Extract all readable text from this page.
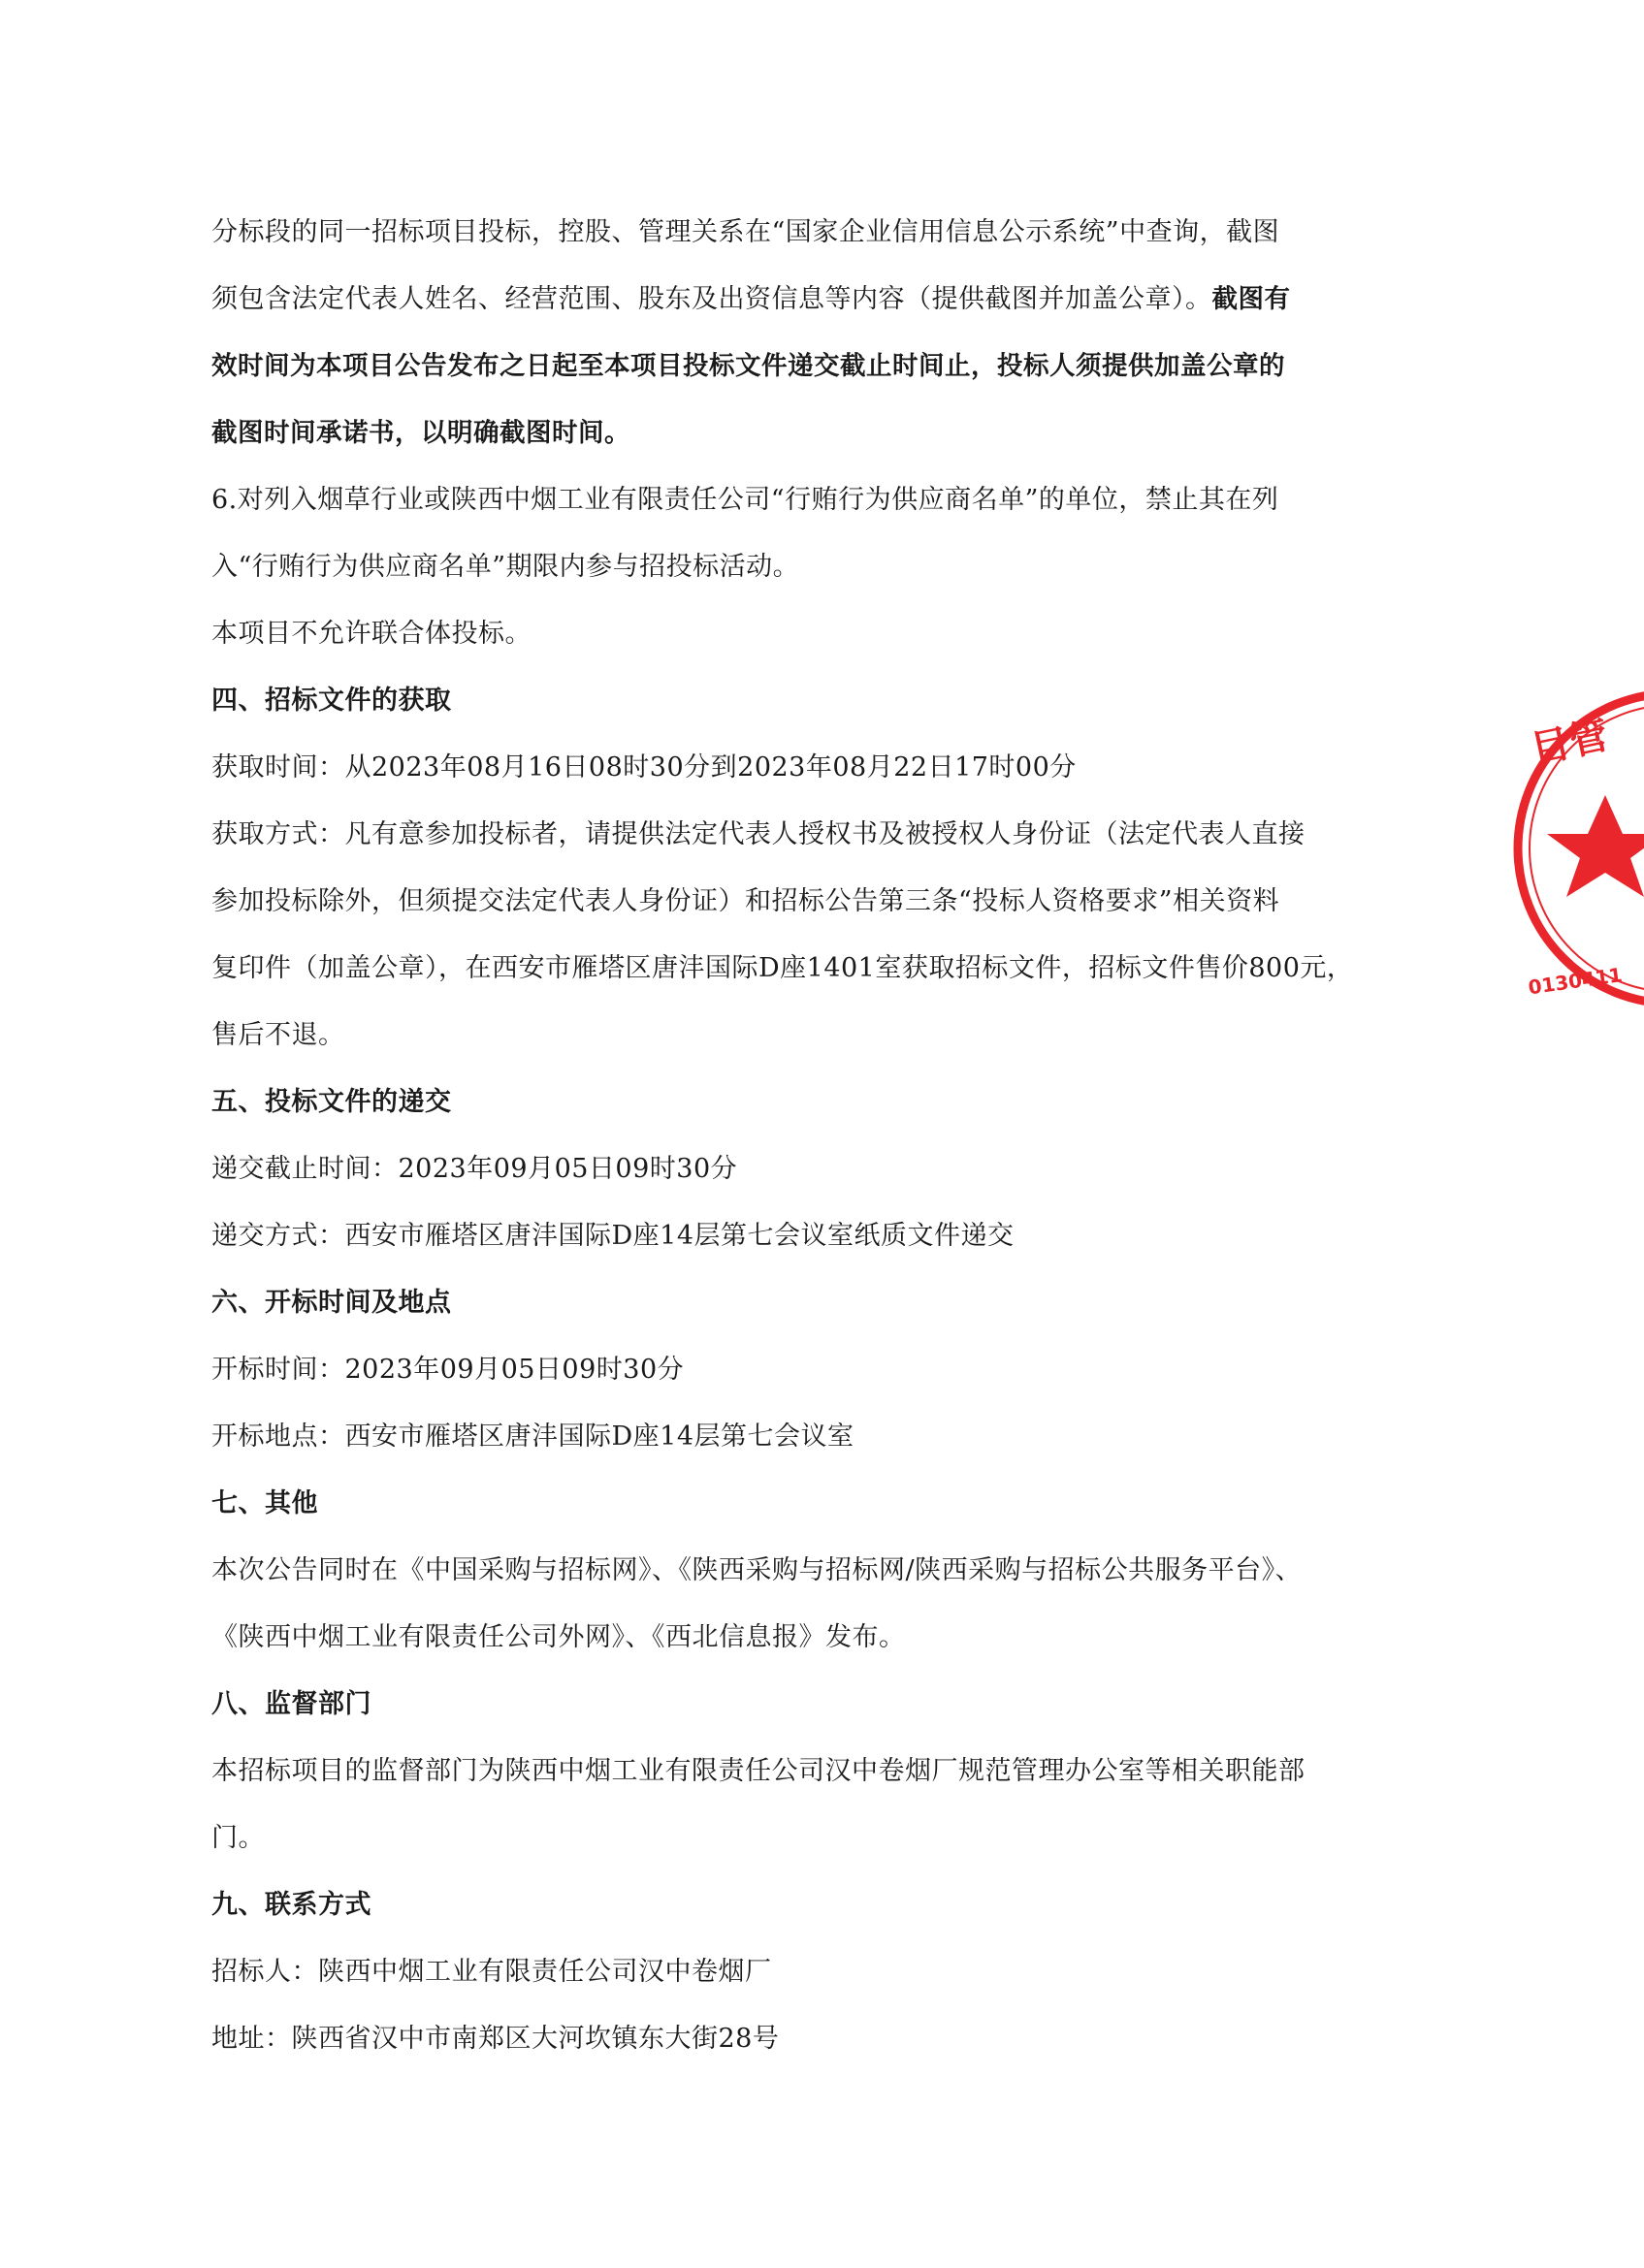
分标段的同一招标项目投标，控股、管理关系在“国家企业信用信息公示系统”中查询，截图
须包含法定代表人姓名、经营范围、股东及出资信息等内容（提供截图并加盖公章）。截图有
效时间为本项目公告发布之日起至本项目投标文件递交截止时间止，投标人须提供加盖公章的
截图时间承诺书，以明确截图时间。
6.对列入烟草行业或陕西中烟工业有限责任公司“行贿行为供应商名单”的单位，禁止其在列
入“行贿行为供应商名单”期限内参与招投标活动。
本项目不允许联合体投标。
四、招标文件的获取
获取时间：从2023年08月16日08时30分到2023年08月22日17时00分
获取方式：凡有意参加投标者，请提供法定代表人授权书及被授权人身份证（法定代表人直接
参加投标除外，但须提交法定代表人身份证）和招标公告第三条“投标人资格要求”相关资料
复印件（加盖公章），在西安市雁塔区唐沣国际D座1401室获取招标文件，招标文件售价800元，
售后不退。
五、投标文件的递交
递交截止时间：2023年09月05日09时30分
递交方式：西安市雁塔区唐沣国际D座14层第七会议室纸质文件递交
六、开标时间及地点
开标时间：2023年09月05日09时30分
开标地点：西安市雁塔区唐沣国际D座14层第七会议室
七、其他
本次公告同时在《中国采购与招标网》、《陕西采购与招标网/陕西采购与招标公共服务平台》、
《陕西中烟工业有限责任公司外网》、《西北信息报》发布。
八、监督部门
本招标项目的监督部门为陕西中烟工业有限责任公司汉中卷烟厂规范管理办公室等相关职能部
门。
九、联系方式
招标人：陕西中烟工业有限责任公司汉中卷烟厂
地址：陕西省汉中市南郑区大河坎镇东大街28号
目管
0130411
